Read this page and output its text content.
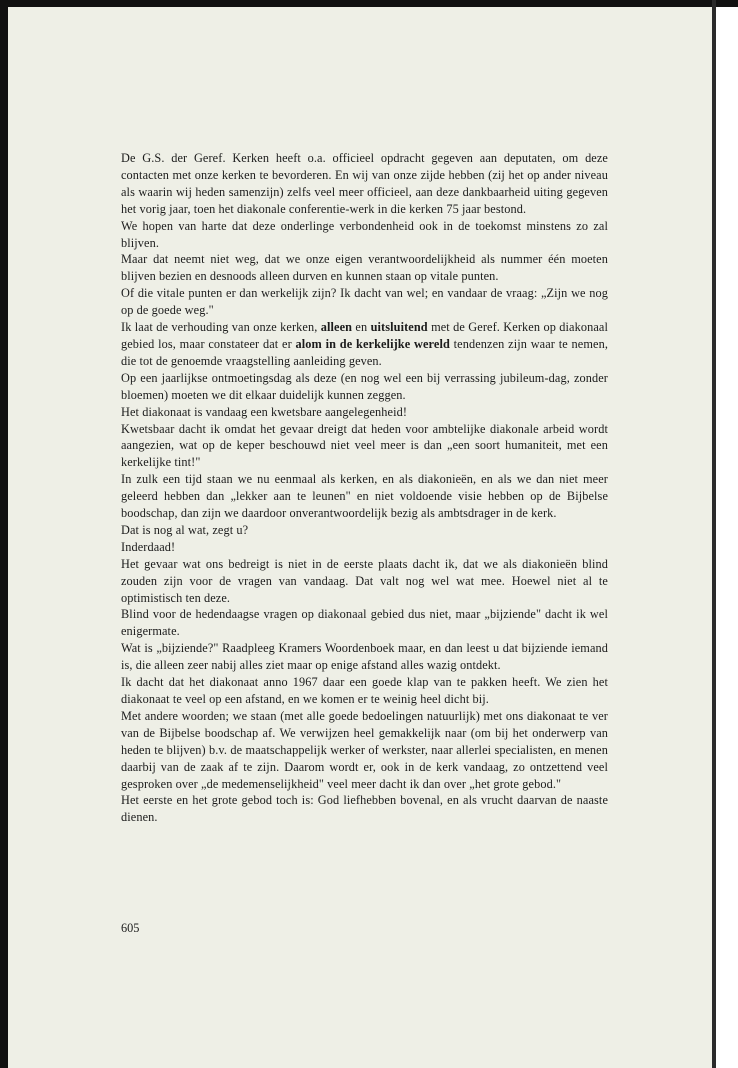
De G.S. der Geref. Kerken heeft o.a. officieel opdracht gegeven aan deputaten, om deze contacten met onze kerken te bevorderen. En wij van onze zijde hebben (zij het op ander niveau als waarin wij heden samenzijn) zelfs veel meer officieel, aan deze dankbaarheid uiting gegeven het vorig jaar, toen het diakonale conferentie-werk in die kerken 75 jaar bestond.

We hopen van harte dat deze onderlinge verbondenheid ook in de toekomst minstens zo zal blijven.

Maar dat neemt niet weg, dat we onze eigen verantwoordelijkheid als nummer één moeten blijven bezien en desnoods alleen durven en kunnen staan op vitale punten.

Of die vitale punten er dan werkelijk zijn? Ik dacht van wel; en vandaar de vraag: „Zijn we nog op de goede weg."

Ik laat de verhouding van onze kerken, alleen en uitsluitend met de Geref. Kerken op diakonaal gebied los, maar constateer dat er alom in de kerkelijke wereld tendenzen zijn waar te nemen, die tot de genoemde vraagstelling aanleiding geven.

Op een jaarlijkse ontmoetingsdag als deze (en nog wel een bij verrassing jubileum-dag, zonder bloemen) moeten we dit elkaar duidelijk kunnen zeggen.

Het diakonaat is vandaag een kwetsbare aangelegenheid!

Kwetsbaar dacht ik omdat het gevaar dreigt dat heden voor ambtelijke diakonale arbeid wordt aangezien, wat op de keper beschouwd niet veel meer is dan „een soort humaniteit, met een kerkelijke tint!"

In zulk een tijd staan we nu eenmaal als kerken, en als diakonieën, en als we dan niet meer geleerd hebben dan „lekker aan te leunen" en niet voldoende visie hebben op de Bijbelse boodschap, dan zijn we daardoor onverantwoordelijk bezig als ambtsdrager in de kerk.

Dat is nog al wat, zegt u?

Inderdaad!

Het gevaar wat ons bedreigt is niet in de eerste plaats dacht ik, dat we als diakonieën blind zouden zijn voor de vragen van vandaag. Dat valt nog wel wat mee. Hoewel niet al te optimistisch ten deze.

Blind voor de hedendaagse vragen op diakonaal gebied dus niet, maar „bijziende" dacht ik wel enigermate.

Wat is „bijziende?" Raadpleeg Kramers Woordenboek maar, en dan leest u dat bijziende iemand is, die alleen zeer nabij alles ziet maar op enige afstand alles wazig ontdekt.

Ik dacht dat het diakonaat anno 1967 daar een goede klap van te pakken heeft. We zien het diakonaat te veel op een afstand, en we komen er te weinig heel dicht bij.

Met andere woorden; we staan (met alle goede bedoelingen natuurlijk) met ons diakonaat te ver van de Bijbelse boodschap af. We verwijzen heel gemakkelijk naar (om bij het onderwerp van heden te blijven) b.v. de maatschappelijk werker of werkster, naar allerlei specialisten, en menen daarbij van de zaak af te zijn. Daarom wordt er, ook in de kerk vandaag, zo ontzettend veel gesproken over „de medemenselijkheid" veel meer dacht ik dan over „het grote gebod."

Het eerste en het grote gebod toch is: God liefhebben bovenal, en als vrucht daarvan de naaste dienen.

605
